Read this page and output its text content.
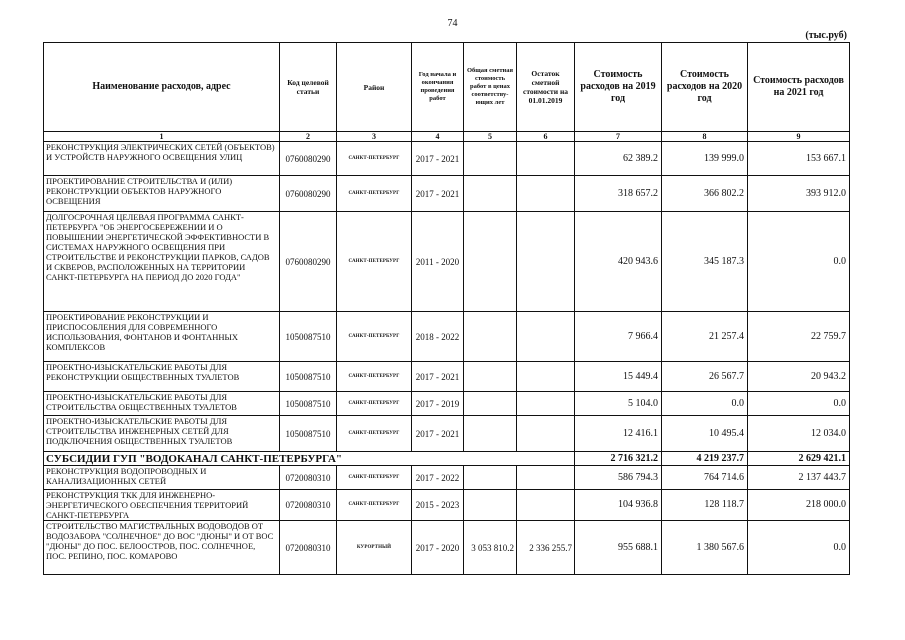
74
(тыс.руб)
Наименование расходов, адрес	Код целевой статьи	Район	Год начала и окончания проведения работ	Общая сметная стоимость работ в ценах соответству-ющих лет	Остаток сметной стоимости на 01.01.2019	Стоимость расходов на 2019 год	Стоимость расходов на 2020 год	Стоимость расходов на 2021 год
1	2	3	4	5	6	7	8	9
РЕКОНСТРУКЦИЯ ЭЛЕКТРИЧЕСКИХ СЕТЕЙ (ОБЪЕКТОВ) И УСТРОЙСТВ НАРУЖНОГО ОСВЕЩЕНИЯ УЛИЦ	0760080290	САНКТ-ПЕТЕРБУРГ	2017 - 2021			62 389.2	139 999.0	153 667.1
ПРОЕКТИРОВАНИЕ СТРОИТЕЛЬСТВА И (ИЛИ) РЕКОНСТРУКЦИИ ОБЪЕКТОВ НАРУЖНОГО ОСВЕЩЕНИЯ	0760080290	САНКТ-ПЕТЕРБУРГ	2017 - 2021			318 657.2	366 802.2	393 912.0
ДОЛГОСРОЧНАЯ ЦЕЛЕВАЯ ПРОГРАММА САНКТ-ПЕТЕРБУРГА "ОБ ЭНЕРГОСБЕРЕЖЕНИИ И О ПОВЫШЕНИИ ЭНЕРГЕТИЧЕСКОЙ ЭФФЕКТИВНОСТИ В СИСТЕМАХ НАРУЖНОГО ОСВЕЩЕНИЯ ПРИ СТРОИТЕЛЬСТВЕ И РЕКОНСТРУКЦИИ ПАРКОВ, САДОВ И СКВЕРОВ, РАСПОЛОЖЕННЫХ НА ТЕРРИТОРИИ САНКТ-ПЕТЕРБУРГА НА ПЕРИОД ДО 2020 ГОДА"	0760080290	САНКТ-ПЕТЕРБУРГ	2011 - 2020			420 943.6	345 187.3	0.0
ПРОЕКТИРОВАНИЕ РЕКОНСТРУКЦИИ И ПРИСПОСОБЛЕНИЯ ДЛЯ СОВРЕМЕННОГО ИСПОЛЬЗОВАНИЯ, ФОНТАНОВ И ФОНТАННЫХ КОМПЛЕКСОВ	1050087510	САНКТ-ПЕТЕРБУРГ	2018 - 2022			7 966.4	21 257.4	22 759.7
ПРОЕКТНО-ИЗЫСКАТЕЛЬСКИЕ РАБОТЫ ДЛЯ РЕКОНСТРУКЦИИ ОБЩЕСТВЕННЫХ ТУАЛЕТОВ	1050087510	САНКТ-ПЕТЕРБУРГ	2017 - 2021			15 449.4	26 567.7	20 943.2
ПРОЕКТНО-ИЗЫСКАТЕЛЬСКИЕ РАБОТЫ ДЛЯ СТРОИТЕЛЬСТВА ОБЩЕСТВЕННЫХ ТУАЛЕТОВ	1050087510	САНКТ-ПЕТЕРБУРГ	2017 - 2019			5 104.0	0.0	0.0
ПРОЕКТНО-ИЗЫСКАТЕЛЬСКИЕ РАБОТЫ ДЛЯ СТРОИТЕЛЬСТВА ИНЖЕНЕРНЫХ СЕТЕЙ ДЛЯ ПОДКЛЮЧЕНИЯ ОБЩЕСТВЕННЫХ ТУАЛЕТОВ	1050087510	САНКТ-ПЕТЕРБУРГ	2017 - 2021			12 416.1	10 495.4	12 034.0
СУБСИДИИ ГУП "ВОДОКАНАЛ САНКТ-ПЕТЕРБУРГА"						2 716 321.2	4 219 237.7	2 629 421.1
РЕКОНСТРУКЦИЯ ВОДОПРОВОДНЫХ И КАНАЛИЗАЦИОННЫХ СЕТЕЙ	0720080310	САНКТ-ПЕТЕРБУРГ	2017 - 2022			586 794.3	764 714.6	2 137 443.7
РЕКОНСТРУКЦИЯ ТКК ДЛЯ ИНЖЕНЕРНО-ЭНЕРГЕТИЧЕСКОГО ОБЕСПЕЧЕНИЯ ТЕРРИТОРИЙ САНКТ-ПЕТЕРБУРГА	0720080310	САНКТ-ПЕТЕРБУРГ	2015 - 2023			104 936.8	128 118.7	218 000.0
СТРОИТЕЛЬСТВО МАГИСТРАЛЬНЫХ ВОДОВОДОВ ОТ ВОДОЗАБОРА "СОЛНЕЧНОЕ" ДО ВОС "ДЮНЫ" И ОТ ВОС "ДЮНЫ" ДО ПОС. БЕЛООСТРОВ, ПОС. СОЛНЕЧНОЕ, ПОС. РЕПИНО, ПОС. КОМАРОВО	0720080310	КУРОРТНЫЙ	2017 - 2020	3 053 810.2	2 336 255.7	955 688.1	1 380 567.6	0.0
